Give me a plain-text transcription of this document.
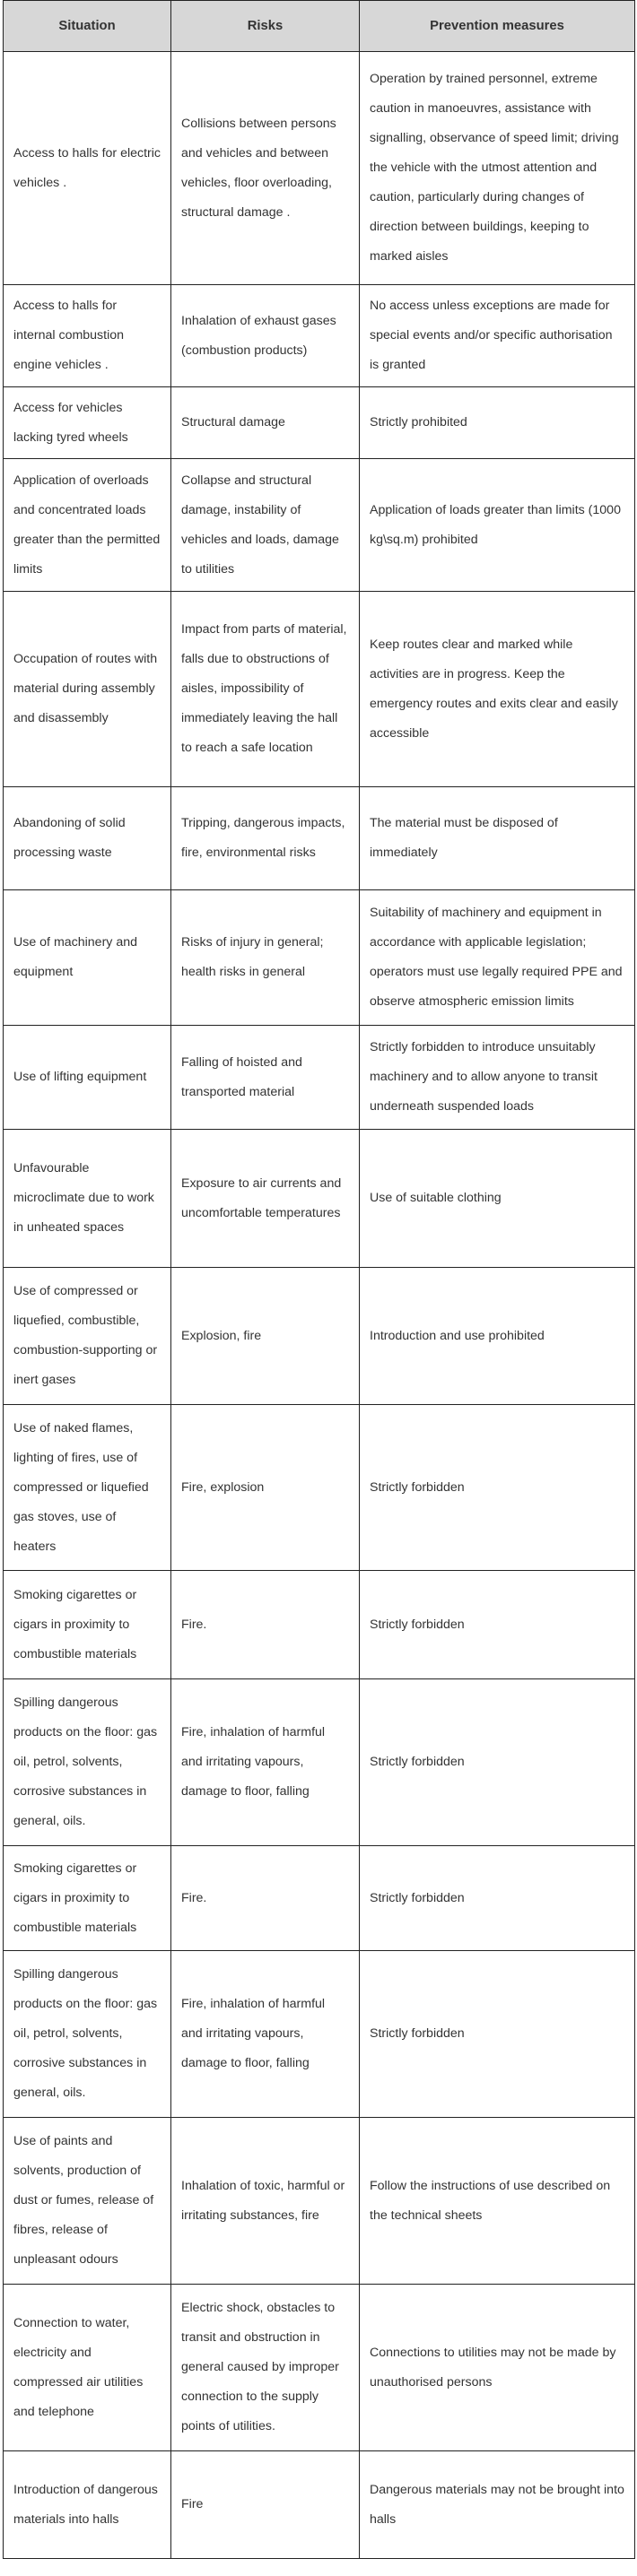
Situation	Risks	Prevention measures
Access to halls for electric vehicles .	Collisions between persons and vehicles and between vehicles, floor overloading, structural damage .	Operation by trained personnel, extreme caution in manoeuvres, assistance with signalling, observance of speed limit; driving the vehicle with the utmost attention and caution, particularly during changes of direction between buildings, keeping to marked aisles
Access to halls for internal combustion engine vehicles .	Inhalation of exhaust gases (combustion products)	No access unless exceptions are made for special events and/or specific authorisation is granted
Access for vehicles lacking tyred wheels	Structural damage	Strictly prohibited
Application of overloads and concentrated loads greater than the permitted limits	Collapse and structural damage, instability of vehicles and loads, damage to utilities	Application of loads greater than limits (1000 kg\sq.m) prohibited
Occupation of routes with material during assembly and disassembly	Impact from parts of material, falls due to obstructions of aisles, impossibility of immediately leaving the hall to reach a safe location	Keep routes clear and marked while activities are in progress. Keep the emergency routes and exits clear and easily accessible
Abandoning of solid processing waste	Tripping, dangerous impacts, fire, environmental risks	The material must be disposed of immediately
Use of machinery and equipment	Risks of injury in general; health risks in general	Suitability of machinery and equipment in accordance with applicable legislation; operators must use legally required PPE and observe atmospheric emission limits
Use of lifting equipment	Falling of hoisted and transported material	Strictly forbidden to introduce unsuitably machinery and to allow anyone to transit underneath suspended loads
Unfavourable microclimate due to work in unheated spaces	Exposure to air currents and uncomfortable temperatures	Use of suitable clothing
Use of compressed or liquefied, combustible, combustion-supporting or inert gases	Explosion, fire	Introduction and use prohibited
Use of naked flames, lighting of fires, use of compressed or liquefied gas stoves, use of heaters	Fire, explosion	Strictly forbidden
Smoking cigarettes or cigars in proximity to combustible materials	Fire.	Strictly forbidden
Spilling dangerous products on the floor: gas oil, petrol, solvents, corrosive substances in general, oils.	Fire, inhalation of harmful and irritating vapours, damage to floor, falling	Strictly forbidden
Smoking cigarettes or cigars in proximity to combustible materials	Fire.	Strictly forbidden
Spilling dangerous products on the floor: gas oil, petrol, solvents, corrosive substances in general, oils.	Fire, inhalation of harmful and irritating vapours, damage to floor, falling	Strictly forbidden
Use of paints and solvents, production of dust or fumes, release of fibres, release of unpleasant odours	Inhalation of toxic, harmful or irritating substances, fire	Follow the instructions of use described on the technical sheets
Connection to water, electricity and compressed air utilities and telephone	Electric shock, obstacles to transit and obstruction in general caused by improper connection to the supply points of utilities.	Connections to utilities may not be made by unauthorised persons
Introduction of dangerous materials into halls	Fire	Dangerous materials may not be brought into halls
